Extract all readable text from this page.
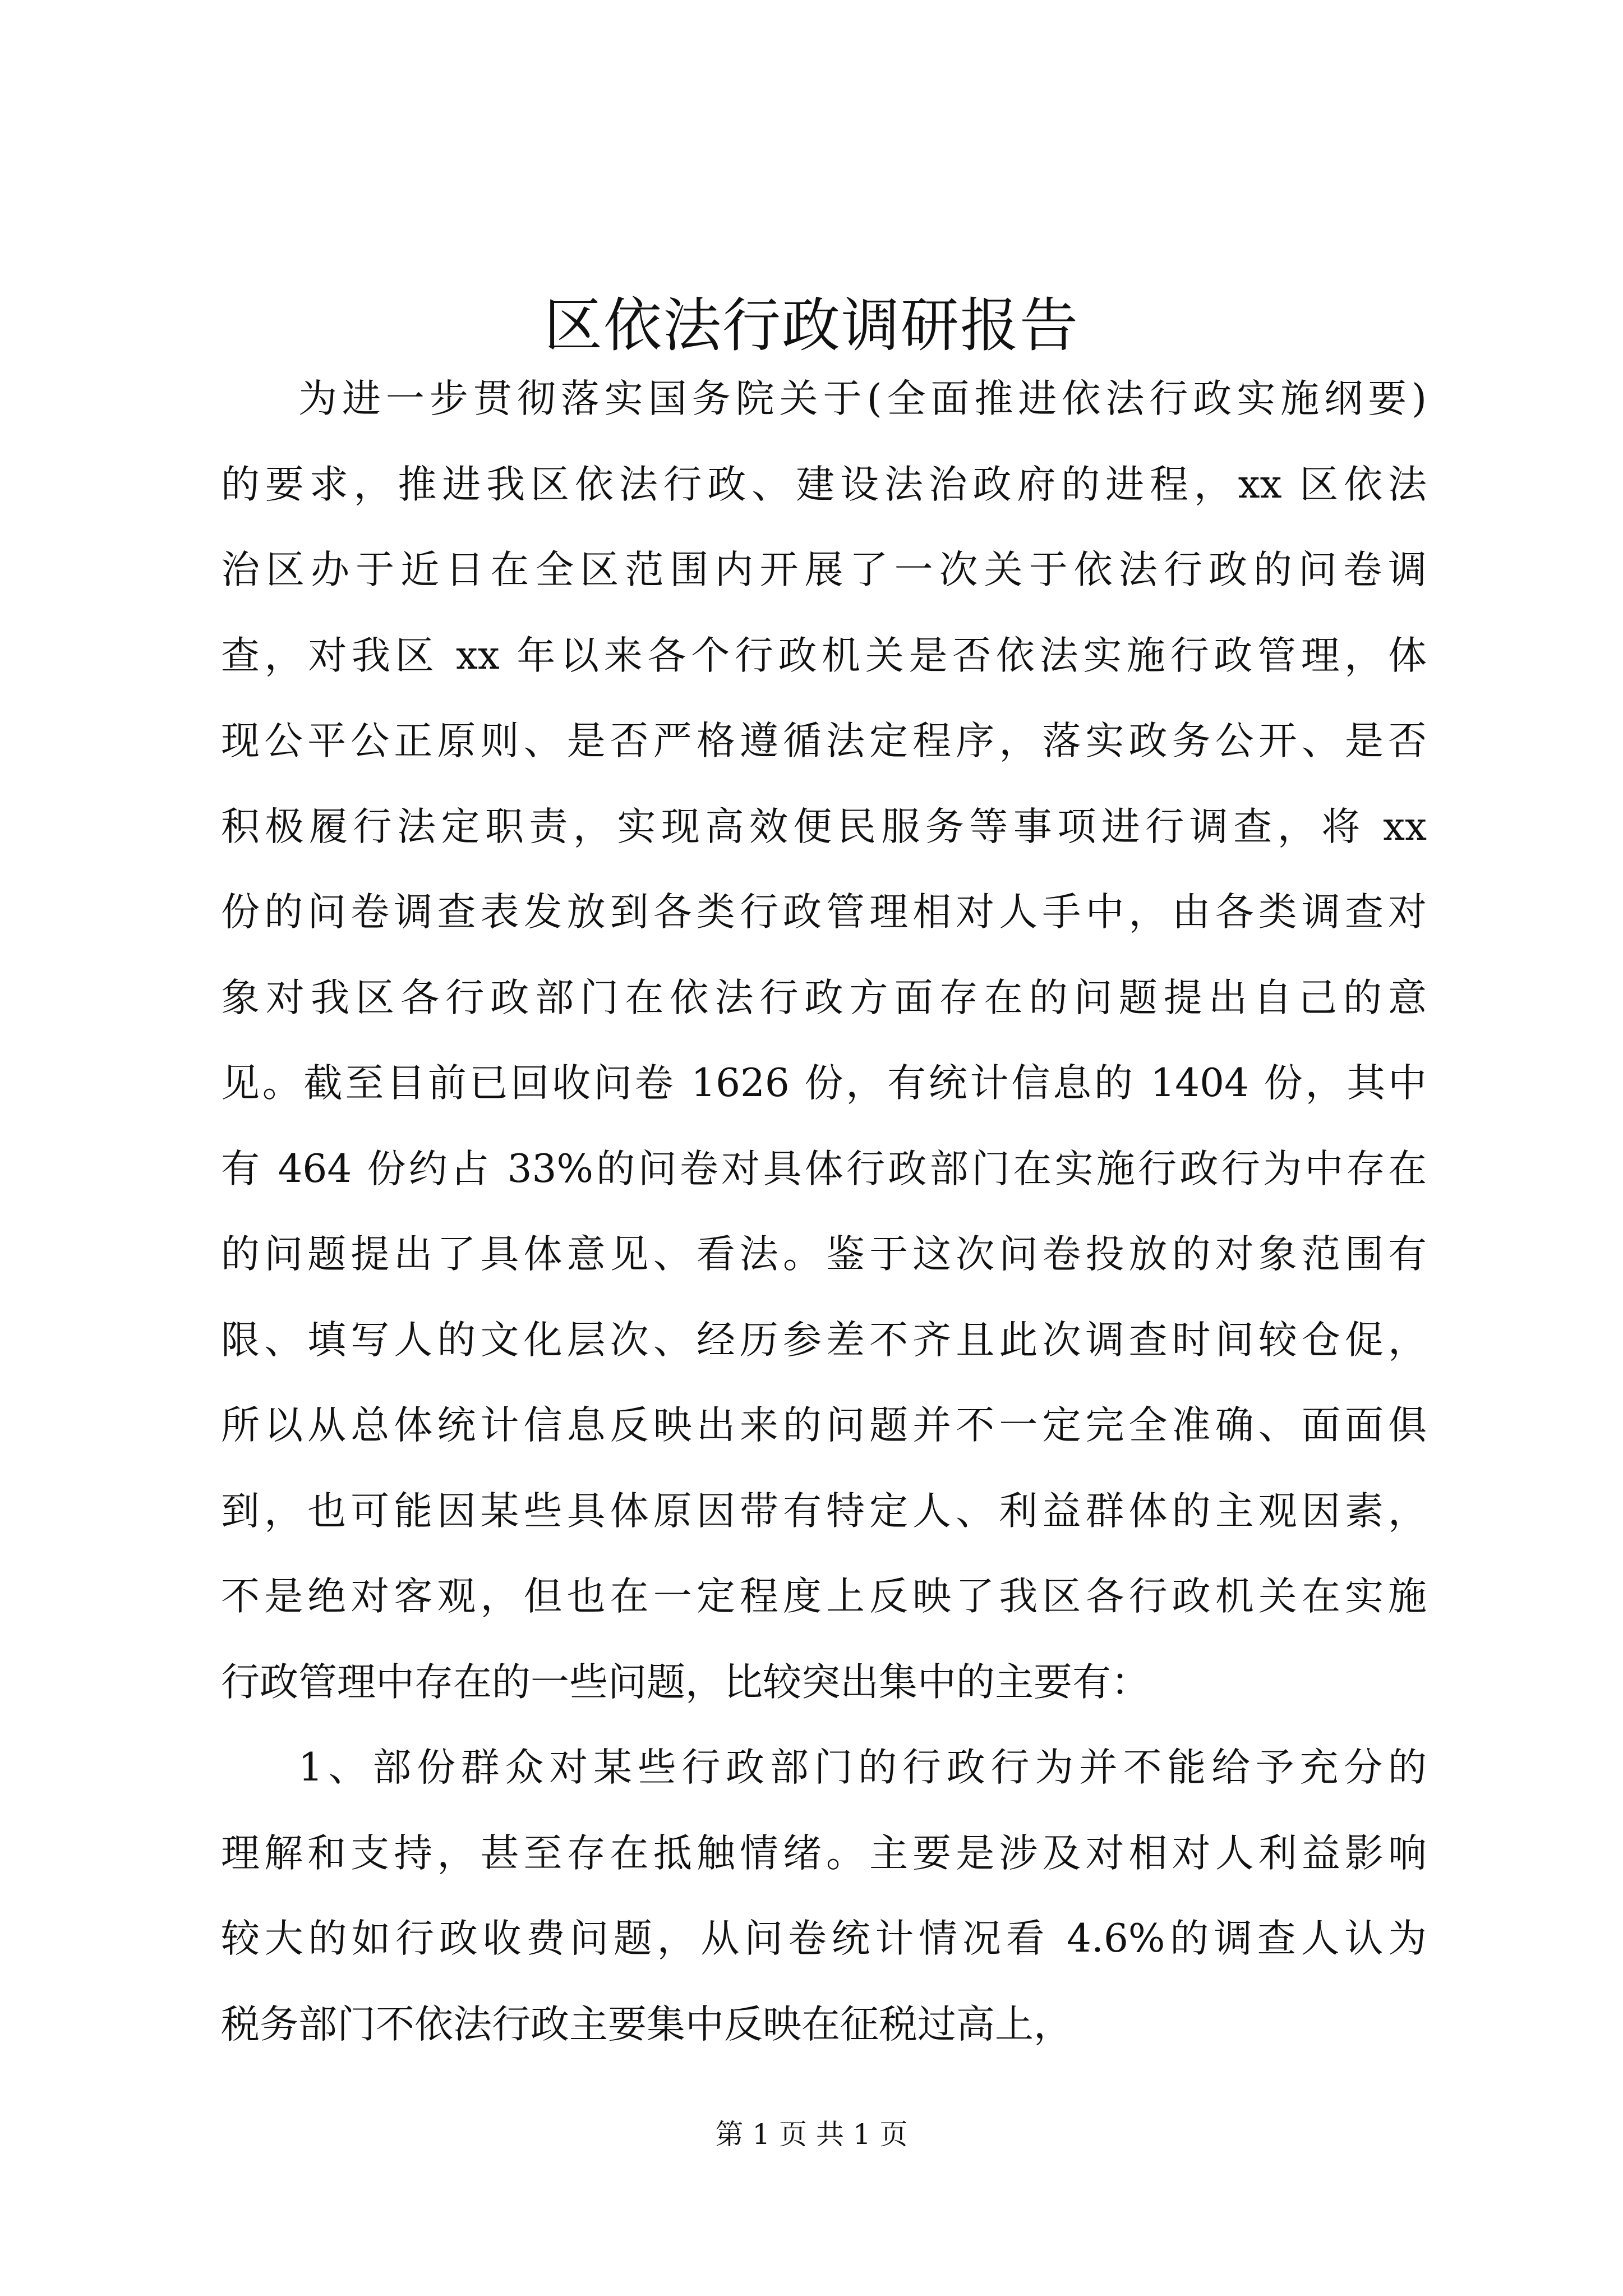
区依法行政调研报告
为进一步贯彻落实国务院关于(全面推进依法行政实施纲要)
的要求，推进我区依法行政、建设法治政府的进程，xx 区依法
治区办于近日在全区范围内开展了一次关于依法行政的问卷调
查，对我区 xx 年以来各个行政机关是否依法实施行政管理，体
现公平公正原则、是否严格遵循法定程序，落实政务公开、是否
积极履行法定职责，实现高效便民服务等事项进行调查，将 xx
份的问卷调查表发放到各类行政管理相对人手中，由各类调查对
象对我区各行政部门在依法行政方面存在的问题提出自己的意
见。截至目前已回收问卷 1626 份，有统计信息的 1404 份，其中
有 464 份约占 33%的问卷对具体行政部门在实施行政行为中存在
的问题提出了具体意见、看法。鉴于这次问卷投放的对象范围有
限、填写人的文化层次、经历参差不齐且此次调查时间较仓促，
所以从总体统计信息反映出来的问题并不一定完全准确、面面俱
到，也可能因某些具体原因带有特定人、利益群体的主观因素，
不是绝对客观，但也在一定程度上反映了我区各行政机关在实施
行政管理中存在的一些问题，比较突出集中的主要有：
1、部份群众对某些行政部门的行政行为并不能给予充分的
理解和支持，甚至存在抵触情绪。主要是涉及对相对人利益影响
较大的如行政收费问题，从问卷统计情况看 4.6%的调查人认为
税务部门不依法行政主要集中反映在征税过高上，
第 1 页 共 1 页
